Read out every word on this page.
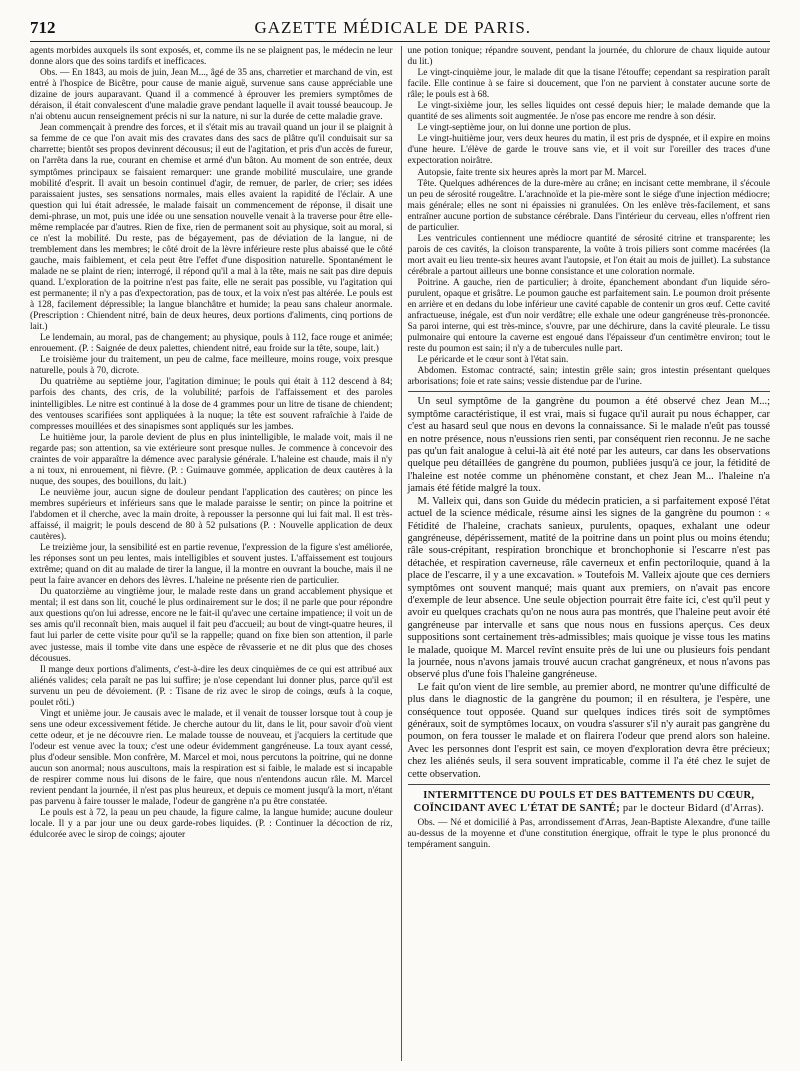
712	GAZETTE MÉDICALE DE PARIS.

agents morbides auxquels ils sont exposés, et, comme ils ne se plaignent pas, le médecin ne leur donne alors que des soins tardifs et inefficaces.

Obs. — En 1843, au mois de juin, Jean M..., âgé de 35 ans, charretier et marchand de vin, est entré à l'hospice de Bicêtre, pour cause de manie aiguë, survenue sans cause appréciable une dizaine de jours auparavant. Quand il a commencé à éprouver les premiers symptômes de déraison, il était convalescent d'une maladie grave pendant laquelle il avait toussé beaucoup. Je n'ai obtenu aucun renseignement précis ni sur la nature, ni sur la durée de cette maladie grave.

Jean commençait à prendre des forces, et il s'était mis au travail quand un jour il se plaignit à sa femme de ce que l'on avait mis des cravates dans des sacs de plâtre qu'il conduisait sur sa charrette; bientôt ses propos devinrent décousus; il eut de l'agitation, et pris d'un accès de fureur, on l'arrêta dans la rue, courant en chemise et armé d'un bâton. Au moment de son entrée, deux symptômes principaux se faisaient remarquer: une grande mobilité musculaire, une grande mobilité d'esprit. Il avait un besoin continuel d'agir, de remuer, de parler, de crier; ses idées paraissaient justes, ses sensations normales, mais elles avaient la rapidité de l'éclair. A une question qui lui était adressée, le malade faisait un commencement de réponse, il disait une demi-phrase, un mot, puis une idée ou une sensation nouvelle venait à la traverse pour être elle-même remplacée par d'autres. Rien de fixe, rien de permanent soit au physique, soit au moral, si ce n'est la mobilité. Du reste, pas de bégayement, pas de déviation de la langue, ni de tremblement dans les membres; le côté droit de la lèvre inférieure reste plus abaissé que le côté gauche, mais faiblement, et cela peut être l'effet d'une disposition naturelle. Spontanément le malade ne se plaint de rien; interrogé, il répond qu'il a mal à la tête, mais ne sait pas dire depuis quand. L'exploration de la poitrine n'est pas faite, elle ne serait pas possible, vu l'agitation qui est permanente; il n'y a pas d'expectoration, pas de toux, et la voix n'est pas altérée. Le pouls est à 128, facilement dépressible; la langue blanchâtre et humide; la peau sans chaleur anormale. (Prescription : Chiendent nitré, bain de deux heures, deux portions d'aliments, cinq portions de lait.)

Le lendemain, au moral, pas de changement; au physique, pouls à 112, face rouge et animée; enrouement. (P. : Saignée de deux palettes, chiendent nitré, eau froide sur la tête, soupe, lait.)

Le troisième jour du traitement, un peu de calme, face meilleure, moins rouge, voix presque naturelle, pouls à 70, dicrote.

Du quatrième au septième jour, l'agitation diminue; le pouls qui était à 112 descend à 84; parfois des chants, des cris, de la volubilité; parfois de l'affaissement et des paroles inintelligibles. Le nitre est continué à la dose de 4 grammes pour un litre de tisane de chiendent; des ventouses scarifiées sont appliquées à la nuque; la tête est souvent rafraîchie à l'aide de compresses mouillées et des sinapismes sont appliqués sur les jambes.

Le huitième jour, la parole devient de plus en plus inintelligible, le malade voit, mais il ne regarde pas; son attention, sa vie extérieure sont presque nulles. Je commence à concevoir des craintes de voir apparaître la démence avec paralysie générale. L'haleine est chaude, mais il n'y a ni toux, ni enrouement, ni fièvre. (P. : Guimauve gommée, application de deux cautères à la nuque, des soupes, des bouillons, du lait.)

Le neuvième jour, aucun signe de douleur pendant l'application des cautères; on pince les membres supérieurs et inférieurs sans que le malade paraisse le sentir; on pince la poitrine et l'abdomen et il cherche, avec la main droite, à repousser la personne qui lui fait mal. Il est très-affaissé, il maigrit; le pouls descend de 80 à 52 pulsations (P. : Nouvelle application de deux cautères).

Le treizième jour, la sensibilité est en partie revenue, l'expression de la figure s'est améliorée, les réponses sont un peu lentes, mais intelligibles et souvent justes. L'affaissement est toujours extrême; quand on dit au malade de tirer la langue, il la montre en ouvrant la bouche, mais il ne peut la faire avancer en dehors des lèvres. L'haleine ne présente rien de particulier.

Du quatorzième au vingtième jour, le malade reste dans un grand accablement physique et mental; il est dans son lit, couché le plus ordinairement sur le dos; il ne parle que pour répondre aux questions qu'on lui adresse, encore ne le fait-il qu'avec une certaine impatience; il voit un de ses amis qu'il reconnaît bien, mais auquel il fait peu d'accueil; au bout de vingt-quatre heures, il faut lui parler de cette visite pour qu'il se la rappelle; quand on fixe bien son attention, il parle avec justesse, mais il tombe vite dans une espèce de rêvasserie et ne dit plus que des choses décousues.

Il mange deux portions d'aliments, c'est-à-dire les deux cinquièmes de ce qui est attribué aux aliénés valides; cela paraît ne pas lui suffire; je n'ose cependant lui donner plus, parce qu'il est survenu un peu de dévoiement. (P. : Tisane de riz avec le sirop de coings, œufs à la coque, poulet rôti.)

Vingt et unième jour. Je causais avec le malade, et il venait de tousser lorsque tout à coup je sens une odeur excessivement fétide. Je cherche autour du lit, dans le lit, pour savoir d'où vient cette odeur, et je ne découvre rien. Le malade tousse de nouveau, et j'acquiers la certitude que l'odeur est venue avec la toux; c'est une odeur évidemment gangréneuse. La toux ayant cessé, plus d'odeur sensible. Mon confrère, M. Marcel et moi, nous percutons la poitrine, qui ne donne aucun son anormal; nous auscultons, mais la respiration est si faible, le malade est si incapable de respirer comme nous lui disons de le faire, que nous n'entendons aucun râle. M. Marcel revient pendant la journée, il n'est pas plus heureux, et depuis ce moment jusqu'à la mort, n'étant pas parvenu à faire tousser le malade, l'odeur de gangrène n'a pu être constatée.

Le pouls est à 72, la peau un peu chaude, la figure calme, la langue humide; aucune douleur locale. Il y a par jour une ou deux garde-robes liquides. (P. : Continuer la décoction de riz, édulcorée avec le sirop de coings; ajouter

une potion tonique; répandre souvent, pendant la journée, du chlorure de chaux liquide autour du lit.)

Le vingt-cinquième jour, le malade dit que la tisane l'étouffe; cependant sa respiration paraît facile. Elle continue à se faire si doucement, que l'on ne parvient à constater aucune sorte de râle; le pouls est à 68.

Le vingt-sixième jour, les selles liquides ont cessé depuis hier; le malade demande que la quantité de ses aliments soit augmentée. Je n'ose pas encore me rendre à son désir.

Le vingt-septième jour, on lui donne une portion de plus.

Le vingt-huitième jour, vers deux heures du matin, il est pris de dyspnée, et il expire en moins d'une heure. L'élève de garde le trouve sans vie, et il voit sur l'oreiller des traces d'une expectoration noirâtre.

Autopsie, faite trente six heures après la mort par M. Marcel.

Tête. Quelques adhérences de la dure-mère au crâne; en incisant cette membrane, il s'écoule un peu de sérosité rougeâtre. L'arachnoïde et la pie-mère sont le siége d'une injection médiocre; mais générale; elles ne sont ni épaissies ni granulées. On les enlève très-facilement, et sans entraîner aucune portion de substance cérébrale. Dans l'intérieur du cerveau, elles n'offrent rien de particulier.

Les ventricules contiennent une médiocre quantité de sérosité citrine et transparente; les parois de ces cavités, la cloison transparente, la voûte à trois piliers sont comme macérées (la mort avait eu lieu trente-six heures avant l'autopsie, et l'on était au mois de juillet). La substance cérébrale a partout ailleurs une bonne consistance et une coloration normale.

Poitrine. A gauche, rien de particulier; à droite, épanchement abondant d'un liquide séro-purulent, opaque et grisâtre. Le poumon gauche est parfaitement sain. Le poumon droit présente en arrière et en dedans du lobe inférieur une cavité capable de contenir un gros œuf. Cette cavité anfractueuse, inégale, est d'un noir verdâtre; elle exhale une odeur gangréneuse très-prononcée. Sa paroi interne, qui est très-mince, s'ouvre, par une déchirure, dans la cavité pleurale. Le tissu pulmonaire qui entoure la caverne est engoué dans l'épaisseur d'un centimètre environ; tout le reste du poumon est sain; il n'y a de tubercules nulle part.

Le péricarde et le cœur sont à l'état sain.

Abdomen. Estomac contracté, sain; intestin grêle sain; gros intestin présentant quelques arborisations; foie et rate sains; vessie distendue par de l'urine.

Un seul symptôme de la gangrène du poumon a été observé chez Jean M...; symptôme caractéristique, il est vrai, mais si fugace qu'il aurait pu nous échapper, car c'est au hasard seul que nous en devons la connaissance. Si le malade n'eût pas toussé en notre présence, nous n'eussions rien senti, par conséquent rien reconnu. Je ne sache pas qu'un fait analogue à celui-là ait été noté par les auteurs, car dans les observations quelque peu détaillées de gangrène du poumon, publiées jusqu'à ce jour, la fétidité de l'haleine est notée comme un phénomène constant, et chez Jean M... l'haleine n'a jamais été fétide malgré la toux.

M. Valleix qui, dans son Guide du médecin praticien, a si parfaitement exposé l'état actuel de la science médicale, résume ainsi les signes de la gangrène du poumon : « Fétidité de l'haleine, crachats sanieux, purulents, opaques, exhalant une odeur gangréneuse, dépérissement, matité de la poitrine dans un point plus ou moins étendu; râle sous-crépitant, respiration bronchique et bronchophonie si l'escarre n'est pas détachée, et respiration caverneuse, râle caverneux et enfin pectoriloquie, quand à la place de l'escarre, il y a une excavation. » Toutefois M. Valleix ajoute que ces derniers symptômes ont souvent manqué; mais quant aux premiers, on n'avait pas encore d'exemple de leur absence. Une seule objection pourrait être faite ici, c'est qu'il peut y avoir eu quelques crachats qu'on ne nous aura pas montrés, que l'haleine peut avoir été gangréneuse par intervalle et sans que nous nous en fussions aperçus. Ces deux suppositions sont certainement très-admissibles; mais quoique je visse tous les matins le malade, quoique M. Marcel revînt ensuite près de lui une ou plusieurs fois pendant la journée, nous n'avons jamais trouvé aucun crachat gangréneux, et nous n'avons pas observé plus d'une fois l'haleine gangréneuse.

Le fait qu'on vient de lire semble, au premier abord, ne montrer qu'une difficulté de plus dans le diagnostic de la gangrène du poumon; il en résultera, je l'espère, une conséquence tout opposée. Quand sur quelques indices tirés soit de symptômes généraux, soit de symptômes locaux, on voudra s'assurer s'il n'y aurait pas gangrène du poumon, on fera tousser le malade et on flairera l'odeur que prend alors son haleine. Avec les personnes dont l'esprit est sain, ce moyen d'exploration devra être précieux; chez les aliénés seuls, il sera souvent impraticable, comme il l'a été chez le sujet de cette observation.

INTERMITTENCE DU POULS ET DES BATTEMENTS DU CŒUR, COÏNCIDANT AVEC L'ÉTAT DE SANTÉ; par le docteur Bidard (d'Arras).

Obs. — Né et domicilié à Pas, arrondissement d'Arras, Jean-Baptiste Alexandre, d'une taille au-dessus de la moyenne et d'une constitution énergique, offrait le type le plus prononcé du tempérament sanguin.
